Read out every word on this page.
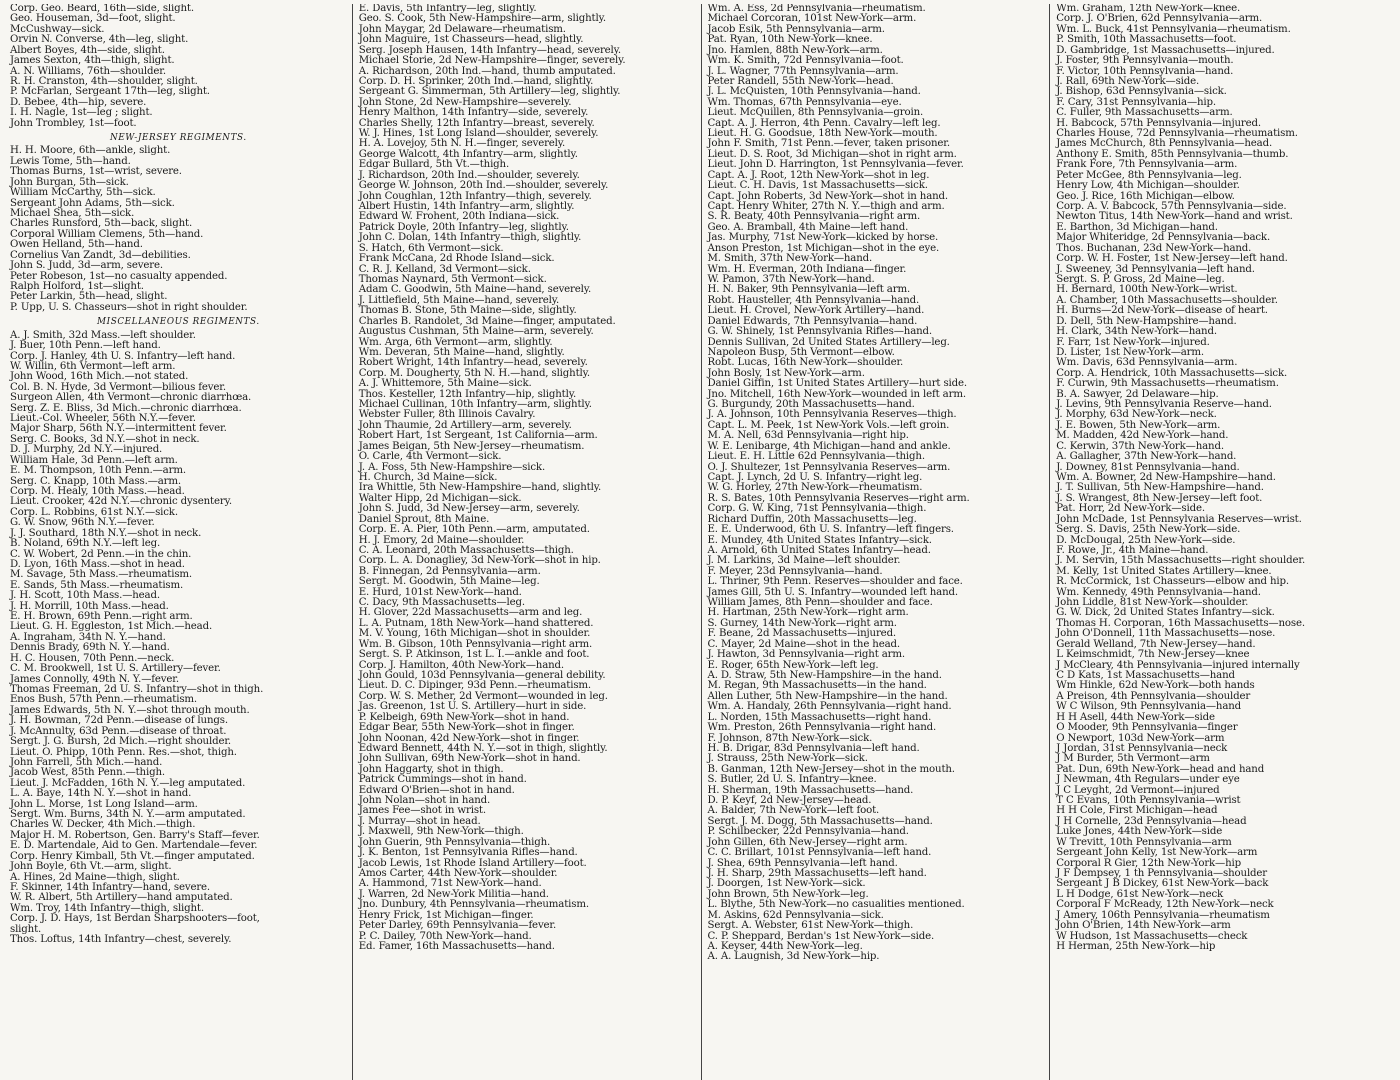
Corp. Geo. Beard, 16th—side, slight.
Geo. Houseman, 3d—foot, slight.
McCushway—sick.
Orvin N. Converse, 4th—leg, slight.
Albert Boyes, 4th—side, slight.
James Sexton, 4th—thigh, slight.
A. N. Williams, 76th—shoulder.
R. H. Cranston, 4th—shoulder, slight.
P. McFarlan, Sergeant 17th—leg, slight.
D. Bebee, 4th—hip, severe.
I. H. Nagle, 1st—leg ; slight.
John Trombley, 1st—foot.
NEW-JERSEY REGIMENTS.
H. H. Moore, 6th—ankle, slight.
Lewis Tome, 5th—hand.
Thomas Burns, 1st—wrist, severe.
John Burgan, 5th—sick.
William McCarthy, 5th—sick.
Sergeant John Adams, 5th—sick.
Michael Shea, 5th—sick.
Charles Runsford, 5th—back, slight.
Corporal William Clemens, 5th—hand.
Owen Helland, 5th—hand.
Cornelius Van Zandt, 3d—debilities.
John S. Judd, 3d—arm, severe.
Peter Robeson, 1st—no casualty appended.
Ralph Holford, 1st—slight.
Peter Larkin, 5th—head, slight.
P. Upp, U. S. Chasseurs—shot in right shoulder.
MISCELLANEOUS REGIMENTS.
A. J. Smith, 32d Mass.—left shoulder.
J. Buer, 10th Penn.—left hand.
Corp. J. Hanley, 4th U. S. Infantry—left hand.
W. Willin, 6th Vermont—left arm.
John Wood, 16th Mich.—not stated.
Col. B. N. Hyde, 3d Vermont—bilious fever.
Surgeon Allen, 4th Vermont—chronic diarrhœa.
Serg. Z. E. Bliss, 3d Mich.—chronic diarrhœa.
Lieut.-Col. Wheeler, 56th N.Y.—fever.
Major Sharp, 56th N.Y.—intermittent fever.
Serg. C. Books, 3d N.Y.—shot in neck.
D. J. Murphy, 2d N.Y.—injured.
William Hale, 3d Penn.—left arm.
E. M. Thompson, 10th Penn.—arm.
Serg. C. Knapp, 10th Mass.—arm.
Corp. M. Healy, 10th Mass.—head.
Lieut. Crooker, 42d N.Y.—chronic dysentery.
Corp. L. Robbins, 61st N.Y.—sick.
G. W. Snow, 96th N.Y.—fever.
J. J. Southard, 18th N.Y.—shot in neck.
B. Noland, 69th N.Y.—left leg.
C. W. Wobert, 2d Penn.—in the chin.
D. Lyon, 16th Mass.—shot in head.
M. Savage, 5th Mass.—rheumatism.
E. Sands, 5th Mass.—rheumatism.
J. H. Scott, 10th Mass.—head.
J. H. Morrill, 10th Mass.—head.
E. H. Brown, 69th Penn.—right arm.
Lieut. G. H. Eggleston, 1st Mich.—head.
A. Ingraham, 34th N. Y.—hand.
Dennis Brady, 69th N. Y.—hand.
H. C. Housen, 70th Penn.—neck.
C. M. Brookwell, 1st U. S. Artillery—fever.
James Connolly, 49th N. Y.—fever.
Thomas Freeman, 2d U. S. Infantry—shot in thigh.
Enos Bush, 57th Penn.—rheumatism.
James Edwards, 5th N. Y.—shot through mouth.
J. H. Bowman, 72d Penn.—disease of lungs.
J. McAnnulty, 63d Penn.—disease of throat.
Sergt. J. G. Bursh, 2d Mich.—right shoulder.
Lieut. O. Phipp, 10th Penn. Res.—shot, thigh.
John Farrell, 5th Mich.—hand.
Jacob West, 85th Penn.—thigh.
Lieut. J. McFadden, 16th N. Y.—leg amputated.
L. A. Baye, 14th N. Y.—shot in hand.
John L. Morse, 1st Long Island—arm.
Sergt. Wm. Burns, 34th N. Y.—arm amputated.
Charles W. Decker, 4th Mich.—thigh.
Major H. M. Robertson, Gen. Barry's Staff—fever.
E. D. Martendale, Aid to Gen. Martendale—fever.
Corp. Henry Kimball, 5th Vt.—finger amputated.
John Boyle, 6th Vt.—arm, slight.
A. Hines, 2d Maine—thigh, slight.
F. Skinner, 14th Infantry—hand, severe.
W. R. Albert, 5th Artillery—hand amputated.
Wm. Troy, 14th Infantry—thigh, slight.
Corp. J. D. Hays, 1st Berdan Sharpshooters—foot,
slight.
Thos. Loftus, 14th Infantry—chest, severely.
E. Davis, 5th Infantry—leg, slightly.
Geo. S. Cook, 5th New-Hampshire—arm, slightly.
John Maygar, 2d Delaware—rheumatism.
John Maguire, 1st Chasseurs—head, slightly.
Serg. Joseph Hausen, 14th Infantry—head, severely.
Michael Storie, 2d New-Hampshire—finger, severely.
A. Richardson, 20th Ind.—hand, thumb amputated.
Corp. D. H. Sprinker, 20th Ind.—hand, slightly.
Sergeant G. Simmerman, 5th Artillery—leg, slightly.
John Stone, 2d New-Hampshire—severely.
Henry Malthon, 14th Infantry—side, severely.
Charles Shelly, 12th Infantry—breast, severely.
W. J. Hines, 1st Long Island—shoulder, severely.
H. A. Lovejoy, 5th N. H.—finger, severely.
George Walcott, 4th Infantry—arm, slightly.
Edgar Bullard, 5th Vt.—thigh.
J. Richardson, 20th Ind.—shoulder, severely.
George W. Johnson, 20th Ind.—shoulder, severely.
John Coughlan, 12th Infantry—thigh, severely.
Albert Hustin, 14th Infantry—arm, slightly.
Edward W. Frohent, 20th Indiana—sick.
Patrick Doyle, 20th Infantry—leg, slightly.
John C. Dolan, 14th Infantry—thigh, slightly.
S. Hatch, 6th Vermont—sick.
Frank McCana, 2d Rhode Island—sick.
C. R. J. Kelland, 3d Vermont—sick.
Thomas Naynard, 5th Vermont—sick.
Adam C. Goodwin, 5th Maine—hand, severely.
J. Littlefield, 5th Maine—hand, severely.
Thomas B. Stone, 5th Maine—side, slightly.
Charles B. Randolet, 3d Maine—finger, amputated.
Augustus Cushman, 5th Maine—arm, severely.
Wm. Arga, 6th Vermont—arm, slightly.
Wm. Deveran, 5th Maine—hand, slightly.
Robert Wright, 14th Infantry—head, severely.
Corp. M. Dougherty, 5th N. H.—hand, slightly.
A. J. Whittemore, 5th Maine—sick.
Thos. Kesteller, 12th Infantry—hip, slightly.
Michael Cullinan, 10th Infantry—arm, slightly.
Webster Fuller, 8th Illinois Cavalry.
John Thaumie, 2d Artillery—arm, severely.
Robert Hart, 1st Sergeant, 1st California—arm.
James Beigan, 5th New-Jersey—rheumatism.
O. Carle, 4th Vermont—sick.
J. A. Foss, 5th New-Hampshire—sick.
H. Church, 3d Maine—sick.
Ira Whittle, 5th New-Hampshire—hand, slightly.
Walter Hipp, 2d Michigan—sick.
John S. Judd, 3d New-Jersey—arm, severely.
Daniel Sprout, 8th Maine.
Corp. E. A. Pier, 10th Penn.—arm, amputated.
H. J. Emory, 2d Maine—shoulder.
C. A. Leonard, 20th Massachusetts—thigh.
Corp. L. A. Donagliey, 3d New-York—shot in hip.
B. Finnegan, 2d Pennsylvania—arm.
Sergt. M. Goodwin, 5th Maine—leg.
E. Hurd, 101st New-York—hand.
C. Dacy, 9th Massachusetts—leg.
H. Glover, 22d Massachusetts—arm and leg.
L. A. Putnam, 18th New-York—hand shattered.
M. V. Young, 16th Michigan—shot in shoulder.
Wm. B. Gibson, 10th Pennsylvania—right arm.
Sergt. S. P. Atkinson, 1st L. I.—ankle and foot.
Corp. J. Hamilton, 40th New-York—hand.
John Gould, 103d Pennsylvania—general debility.
Lieut. D. C. Dipinger, 93d Penn.—rheumatism.
Corp. W. S. Mether, 2d Vermont—wounded in leg.
Jas. Greenon, 1st U. S. Artillery—hurt in side.
P. Kelbeigh, 69th New-York—shot in hand.
Edgar Bear, 55th New-York—shot in finger.
John Noonan, 42d New-York—shot in finger.
Edward Bennett, 44th N. Y.—sot in thigh, slightly.
John Sullivan, 69th New-York—shot in hand.
John Haggarty, shot in thigh.
Patrick Cummings—shot in hand.
Edward O'Brien—shot in hand.
John Nolan—shot in hand.
James Fee—shot in wrist.
J. Murray—shot in head.
J. Maxwell, 9th New-York—thigh.
John Guerin, 9th Pennsylvania—thigh.
J. K. Benton, 1st Pennsylvania Rifles—hand.
Jacob Lewis, 1st Rhode Island Artillery—foot.
Amos Carter, 44th New-York—shoulder.
A. Hammond, 71st New-York—hand.
J. Warren, 2d New-York Militia—hand.
Jno. Dunbury, 4th Pennsylvania—rheumatism.
Henry Frick, 1st Michigan—finger.
Peter Darley, 69th Pennsylvania—fever.
P. C. Dailey, 70th New-York—hand.
Ed. Famer, 16th Massachusetts—hand.
Wm. A. Ess, 2d Pennsylvania—rheumatism.
Michael Corcoran, 101st New-York—arm.
Jacob Esik, 5th Pennsylvania—arm.
Pat. Ryan, 10th New-York—knee.
Jno. Hamlen, 88th New-York—arm.
Wm. K. Smith, 72d Pennsylvania—foot.
J. L. Wagner, 77th Pennsylvania—arm.
Peter Randell, 55th New-York—head.
J. L. McQuisten, 10th Pennsylvania—hand.
Wm. Thomas, 67th Pennsylvania—eye.
Lieut. McQuillen, 8th Pennsylvania—groin.
Capt. A. J. Herron, 4th Penn. Cavalry—left leg.
Lieut. H. G. Goodsue, 18th New-York—mouth.
John F. Smith, 71st Penn.—fever, taken prisoner.
Lieut. D. S. Root, 3d Michigan—shot in right arm.
Lieut. John D. Harrington, 1st Pennsylvania—fever.
Capt. A. J. Root, 12th New-York—shot in leg.
Lieut. C. H. Davis, 1st Massachusetts—sick.
Capt. John Roberts, 3d New-York—shot in hand.
Capt. Henry Whiter, 27th N. Y.—thigh and arm.
S. R. Beaty, 40th Pennsylvania—right arm.
Geo. A. Bramball, 4th Maine—left hand.
Jas. Murphy, 71st New-York—kicked by horse.
Anson Preston, 1st Michigan—shot in the eye.
M. Smith, 37th New-York—hand.
Wm. H. Everman, 20th Indiana—finger.
W. Pamon, 37th New-York—hand.
H. N. Baker, 9th Pennsylvania—left arm.
Robt. Hausteller, 4th Pennsylvania—hand.
Lieut. H. Crovel, New-York Artillery—hand.
Daniel Edwards, 7th Pennsylvania—hand.
G. W. Shinely, 1st Pennsylvania Rifles—hand.
Dennis Sullivan, 2d United States Artillery—leg.
Napoleon Busp, 5th Vermont—elbow.
Robt. Lucas, 16th New-York—shoulder.
John Bosly, 1st New-York—arm.
Daniel Giffin, 1st United States Artillery—hurt side.
Jno. Mitchell, 16th New-York—wounded in left arm.
G. Burgundy, 20th Massachusetts—hand.
J. A. Johnson, 10th Pennsylvania Reserves—thigh.
Capt. L. M. Peek, 1st New-York Vols.—left groin.
M. A. Nell, 63d Pennsylvania—right hip.
W. E. Lenibarge, 4th Michigan—hand and ankle.
Lieut. E. H. Little 62d Pennsylvania—thigh.
O. J. Shultezer, 1st Pennsylvania Reserves—arm.
Capt. J. Lynch, 2d U. S. Infantry—right leg.
W. G. Horley, 27th New-York—rheumatism.
R. S. Bates, 10th Pennsylvania Reserves—right arm.
Corp. G. W. King, 71st Pennsylvania—thigh.
Richard Duffin, 20th Massachusetts—leg.
E. E. Underwood, 6th U. S. Infantry—left fingers.
E. Mundey, 4th United States Infantry—sick.
A. Arnold, 6th United States Infantry—head.
J. M. Larkins, 3d Maine—left shoulder.
F. Meyer, 23d Pennsylvania—hand.
L. Thriner, 9th Penn. Reserves—shoulder and face.
James Gill, 5th U. S. Infantry—wounded left hand.
William James, 8th Penn—shoulder and face.
H. Hartman, 25th New-York—right arm.
S. Gurney, 14th New-York—right arm.
F. Beane, 2d Massachusetts—injured.
C. Mayer, 2d Maine—shot in the head.
J. Hawton, 3d Pennsylvania—right arm.
E. Roger, 65th New-York—left leg.
A. D. Straw, 5th New-Hampshire—in the hand.
M. Regan, 9th Massachusetts—in the hand.
Allen Luther, 5th New-Hampshire—in the hand.
Wm. A. Handaly, 26th Pennsylvania—right hand.
L. Norden, 15th Massachusetts—right hand.
Wm. Preston, 26th Pennsylvania—right hand.
F. Johnson, 87th New-York—sick.
H. B. Drigar, 83d Pennsylvania—left hand.
J. Strauss, 25th New-York—sick.
B. Ganman, 12th New-Jersey—shot in the mouth.
S. Butler, 2d U. S. Infantry—knee.
H. Sherman, 19th Massachusetts—hand.
D. P. Keyf, 2d New-Jersey—head.
A. Balder, 7th New-York—left foot.
Sergt. J. M. Dogg, 5th Massachusetts—hand.
P. Schilbecker, 22d Pennsylvania—hand.
John Gillen, 6th New-Jersey—right arm.
C. C. Brillart, 101st Pennsylvania—left hand.
J. Shea, 69th Pennsylvania—left hand.
J. H. Sharp, 29th Massachusetts—left hand.
J. Doorgen, 1st New-York—sick.
John Brown, 5th New-York—leg.
L. Blythe, 5th New-York—no casualities mentioned.
M. Askins, 62d Pennsylvania—sick.
Sergt. A. Webster, 61st New-York—thigh.
C. P. Sheppard, Berdan's 1st New-York—side.
A. Keyser, 44th New-York—leg.
A. A. Laugnish, 3d New-York—hip.
Wm. Graham, 12th New-York—knee.
Corp. J. O'Brien, 62d Pennsylvania—arm.
Wm. L. Buck, 41st Pennsylvania—rheumatism.
P. Smith, 10th Massachusetts—foot.
D. Gambridge, 1st Massachusetts—injured.
J. Foster, 9th Pennsylvania—mouth.
F. Victor, 10th Pennsylvania—hand.
J. Rall, 69th New-York—side.
J. Bishop, 63d Pennsylvania—sick.
F. Cary, 31st Pennsylvania—hip.
C. Fuller, 9th Massachusetts—arm.
H. Babcock, 57th Pennsylvania—injured.
Charles House, 72d Pennsylvania—rheumatism.
James McChurch, 8th Pennsylvania—head.
Anthony E. Smith, 85th Pennsylvania—thumb.
Frank Fore, 7th Pennsylvania—arm.
Peter McGee, 8th Pennsylvania—leg.
Henry Low, 4th Michigan—shoulder.
Geo. J. Rice, 16th Michigan—elbow.
Corp. A. V. Babcock, 57th Pennsylvania—side.
Newton Titus, 14th New-York—hand and wrist.
E. Barthon, 3d Michigan—hand.
Major Whiteridge, 2d Pennsylvania—back.
Thos. Buchanan, 23d New-York—hand.
Corp. W. H. Foster, 1st New-Jersey—left hand.
J. Sweeney, 3d Pennsylvania—left hand.
Sergt. S. P. Gross, 2d Maine—leg.
H. Bernard, 100th New-York—wrist.
A. Chamber, 10th Massachusetts—shoulder.
H. Burns—2d New-York—disease of heart.
D. Dell, 5th New-Hampshire—hand.
H. Clark, 34th New-York—hand.
F. Farr, 1st New-York—injured.
D. Lister, 1st New-York—arm.
Wm. Davis, 63d Pennsylvania—arm.
Corp. A. Hendrick, 10th Massachusetts—sick.
F. Curwin, 9th Massachusetts—rheumatism.
B. A. Sawyer, 2d Delaware—hip.
J. Levins, 9th Pennsylvania Reserve—hand.
J. Morphy, 63d New-York—neck.
J. E. Bowen, 5th New-York—arm.
M. Madden, 42d New-York—hand.
C. Kerwin, 37th New-York—hand.
A. Gallagher, 37th New-York—hand.
J. Downey, 81st Pennsylvania—hand.
Wm. A. Bowner, 2d New-Hampshire—hand.
J. T. Sullivan, 5th New-Hampshire—hand.
J. S. Wrangest, 8th New-Jersey—left foot.
Pat. Horr, 2d New-York—side.
John McDade, 1st Pennsylvania Reserves—wrist.
Serg. S. Davis, 25th New-York—side.
D. McDougal, 25th New-York—side.
F. Rowe, Jr., 4th Maine—hand.
J. M. Servin, 15th Massachusetts—right shoulder.
M. Kelly, 1st United States Artillery—knee.
R. McCormick, 1st Chasseurs—elbow and hip.
Wm. Kennedy, 49th Pennsylvania—hand.
John Liddle, 81st New-York—shoulder.
G. W. Dick, 2d United States Infantry—sick.
Thomas H. Corporan, 16th Massachusetts—nose.
John O'Donnell, 11th Massachusetts—nose.
Gerald Welland, 7th New-Jersey—hand.
L Keimschmidt, 7th New-Jersey—knee
J McCleary, 4th Pennsylvania—injured internally
C D Kats, 1st Massachusetts—hand
Wm Hinkle, 62d New-York—both hands
A Preison, 4th Pennsylvania—shoulder
W C Wilson, 9th Pennsylvania—hand
H H Asell, 44th New-York—side
O Mooder, 9th Pennsylvania—finger
O Newport, 103d New-York—arm
J Jordan, 31st Pennsylvania—neck
J M Burder, 5th Vermont—arm
Pat. Dun, 69th New-York—head and hand
J Newman, 4th Regulars—under eye
J C Leyght, 2d Vermont—injured
T C Evans, 10th Pennsylvania—wrist
H H Cole, First Michigan—head
J H Cornelle, 23d Pennsylvania—head
Luke Jones, 44th New-York—side
W Trevitt, 10th Pennsylvania—arm
Sergeant John Kelly, 1st New-York—arm
Corporal R Gier, 12th New-York—hip
J F Dempsey, 1 th Pennsylvania—shoulder
Sergeant J B Dickey, 61st New-York—back
L H Dodge, 61st New-York—neck
Corporal F McReady, 12th New-York—neck
J Amery, 106th Pennsylvania—rheumatism
John O'Brien, 14th New-York—arm
W Hudson, 1st Massachusetts—check
H Herman, 25th New-York—hip
